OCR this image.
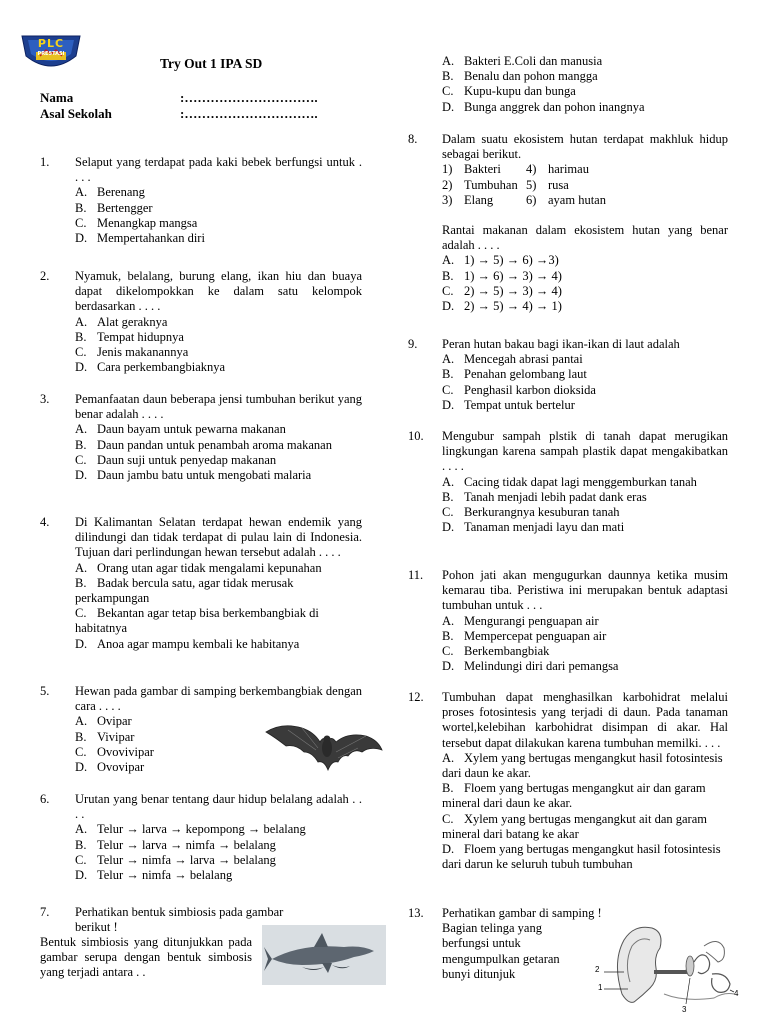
PLC
PRESTASI
Try Out 1 IPA SD
Nama	:………………………….
Asal Sekolah	:………………………….
1. Selaput yang terdapat pada kaki bebek berfungsi untuk . . . .
A. Berenang
B. Bertengger
C. Menangkap mangsa
D. Mempertahankan diri
2. Nyamuk, belalang, burung elang, ikan hiu dan buaya dapat dikelompokkan ke dalam satu kelompok berdasarkan . . . .
A. Alat geraknya
B. Tempat hidupnya
C. Jenis makanannya
D. Cara perkembangbiaknya
3. Pemanfaatan daun beberapa jensi tumbuhan berikut yang benar adalah . . . .
A. Daun bayam untuk pewarna makanan
B. Daun pandan untuk penambah aroma makanan
C. Daun suji untuk penyedap makanan
D. Daun jambu batu untuk mengobati malaria
4. Di Kalimantan Selatan terdapat hewan endemik yang dilindungi dan tidak terdapat di pulau lain di Indonesia. Tujuan dari perlindungan hewan tersebut adalah . . . .
A. Orang utan agar tidak mengalami kepunahan
B. Badak bercula satu, agar tidak merusak perkampungan
C. Bekantan agar tetap bisa berkembangbiak di habitatnya
D. Anoa agar mampu kembali ke habitanya
5. Hewan pada gambar di samping berkembangbiak dengan cara . . . .
A. Ovipar
B. Vivipar
C. Ovovivipar
D. Ovovipar
6. Urutan yang benar tentang daur hidup belalang adalah . . . .
A. Telur → larva → kepompong → belalang
B. Telur → larva → nimfa → belalang
C. Telur → nimfa → larva → belalang
D. Telur → nimfa → belalang
7. Perhatikan bentuk simbiosis pada gambar berikut !
Bentuk simbiosis yang ditunjukkan pada gambar serupa dengan bentuk simbosis yang terjadi antara . .
A. Bakteri E.Coli dan manusia
B. Benalu dan pohon mangga
C. Kupu-kupu dan bunga
D. Bunga anggrek dan pohon inangnya
8. Dalam suatu ekosistem hutan terdapat makhluk hidup sebagai berikut.
1) Bakteri	4) harimau
2) Tumbuhan 5) rusa
3) Elang	6) ayam hutan
Rantai makanan dalam ekosistem hutan yang benar adalah . . . .
A. 1) → 5) → 6) →3)
B. 1) → 6) → 3) → 4)
C. 2) → 5) → 3) → 4)
D. 2) → 5) → 4) → 1)
9. Peran hutan bakau bagi ikan-ikan di laut adalah
A. Mencegah abrasi pantai
B. Penahan gelombang laut
C. Penghasil karbon dioksida
D. Tempat untuk bertelur
10. Mengubur sampah plstik di tanah dapat merugikan lingkungan karena sampah plastik dapat mengakibatkan . . . .
A. Cacing tidak dapat lagi menggemburkan tanah
B. Tanah menjadi lebih padat dank eras
C. Berkurangnya kesuburan tanah
D. Tanaman menjadi layu dan mati
11. Pohon jati akan mengugurkan daunnya ketika musim kemarau tiba. Peristiwa ini merupakan bentuk adaptasi tumbuhan untuk . . .
A. Mengurangi penguapan air
B. Mempercepat penguapan air
C. Berkembangbiak
D. Melindungi diri dari pemangsa
12. Tumbuhan dapat menghasilkan karbohidrat melalui proses fotosintesis yang terjadi di daun. Pada tanaman wortel,kelebihan karbohidrat disimpan di akar. Hal tersebut dapat dilakukan karena tumbuhan memilki. . . .
A. Xylem yang bertugas mengangkut hasil fotosintesis dari daun ke akar.
B. Floem yang bertugas mengangkut air dan garam mineral dari daun ke akar.
C. Xylem yang bertugas mengangkut ait dan garam mineral dari batang ke akar
D. Floem yang bertugas mengangkut hasil fotosintesis dari darun ke seluruh tubuh tumbuhan
13. Perhatikan gambar di samping !
Bagian telinga yang berfungsi untuk mengumpulkan getaran bunyi ditunjuk	2
1
3
4
